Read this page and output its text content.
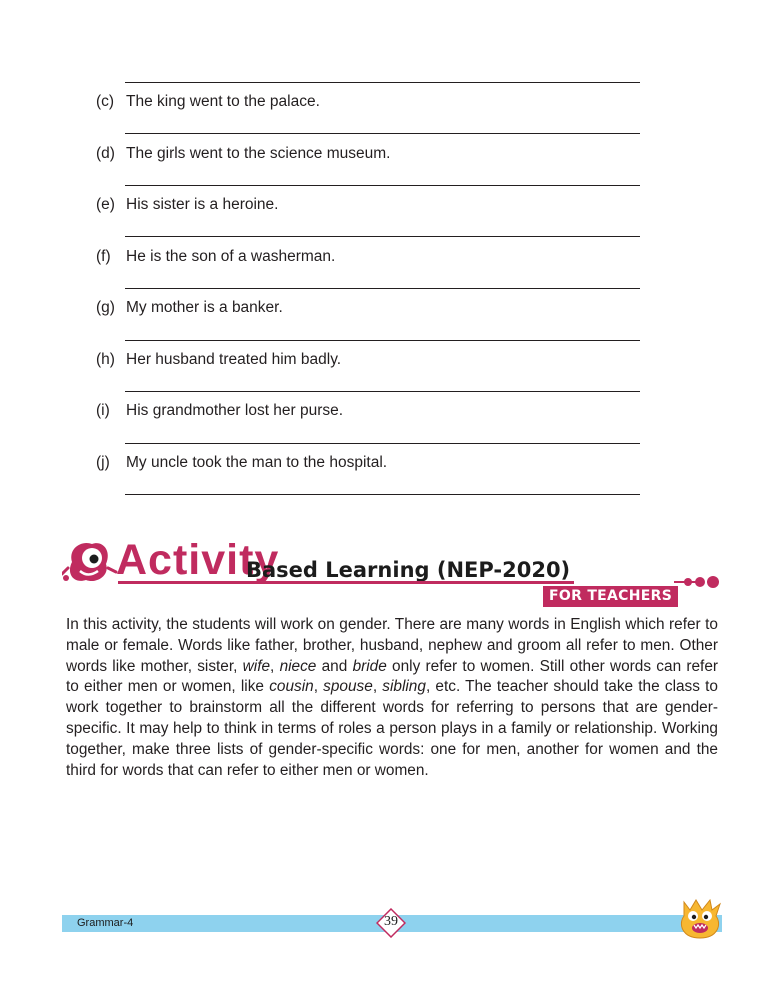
(c) The king went to the palace.
(d) The girls went to the science museum.
(e) His sister is a heroine.
(f) He is the son of a washerman.
(g) My mother is a banker.
(h) Her husband treated him badly.
(i) His grandmother lost her purse.
(j) My uncle took the man to the hospital.
Activity
Based Learning (NEP-2020)
FOR TEACHERS
In this activity, the students will work on gender. There are many words in English which refer to male or female. Words like father, brother, husband, nephew and groom all refer to men. Other words like mother, sister, wife, niece and bride only refer to women. Still other words can refer to either men or women, like cousin, spouse, sibling, etc. The teacher should take the class to work together to brainstorm all the different words for referring to persons that are gender-specific. It may help to think in terms of roles a person plays in a family or relationship. Working together, make three lists of gender-specific words: one for men, another for women and the third for words that can refer to either men or women.
Grammar-4	39
